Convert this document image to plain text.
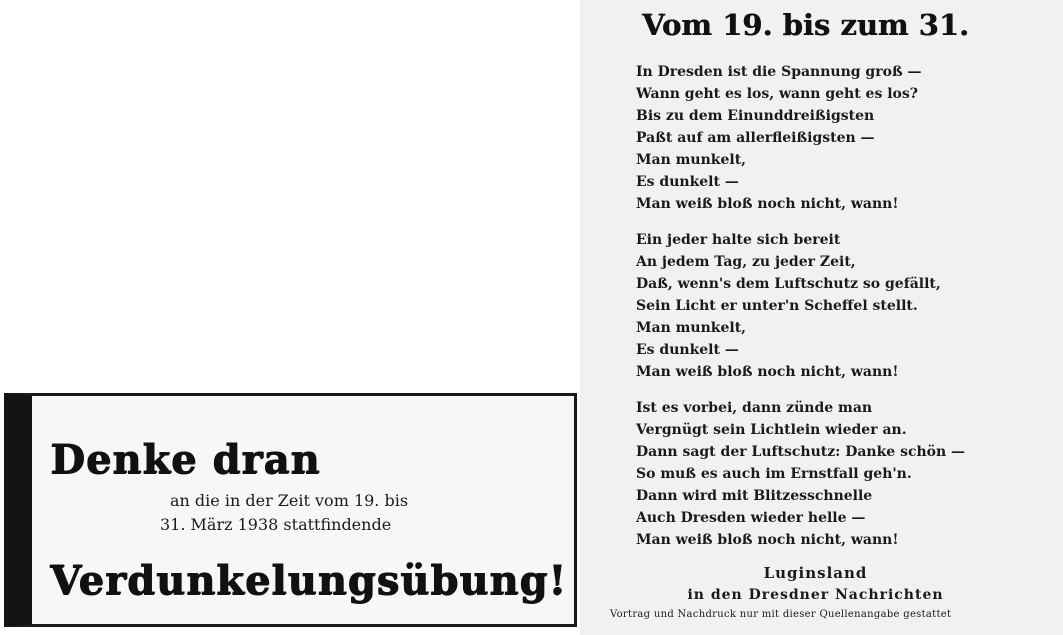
Denke dran
an die in der Zeit vom 19. bis
31. März 1938 stattfindende
Verdunkelungsübung!
Vom 19. bis zum 31.
In Dresden ist die Spannung groß —
Wann geht es los, wann geht es los?
Bis zu dem Einunddreißigsten
Paßt auf am allerfleißigsten —
Man munkelt,
Es dunkelt —
Man weiß bloß noch nicht, wann!
Ein jeder halte sich bereit
An jedem Tag, zu jeder Zeit,
Daß, wenn's dem Luftschutz so gefällt,
Sein Licht er unter'n Scheffel stellt.
Man munkelt,
Es dunkelt —
Man weiß bloß noch nicht, wann!
Ist es vorbei, dann zünde man
Vergnügt sein Lichtlein wieder an.
Dann sagt der Luftschutz: Danke schön —
So muß es auch im Ernstfall geh'n.
Dann wird mit Blitzesschnelle
Auch Dresden wieder helle —
Man weiß bloß noch nicht, wann!
Luginsland
in den Dresdner Nachrichten
Vortrag und Nachdruck nur mit dieser Quellenangabe gestattet
